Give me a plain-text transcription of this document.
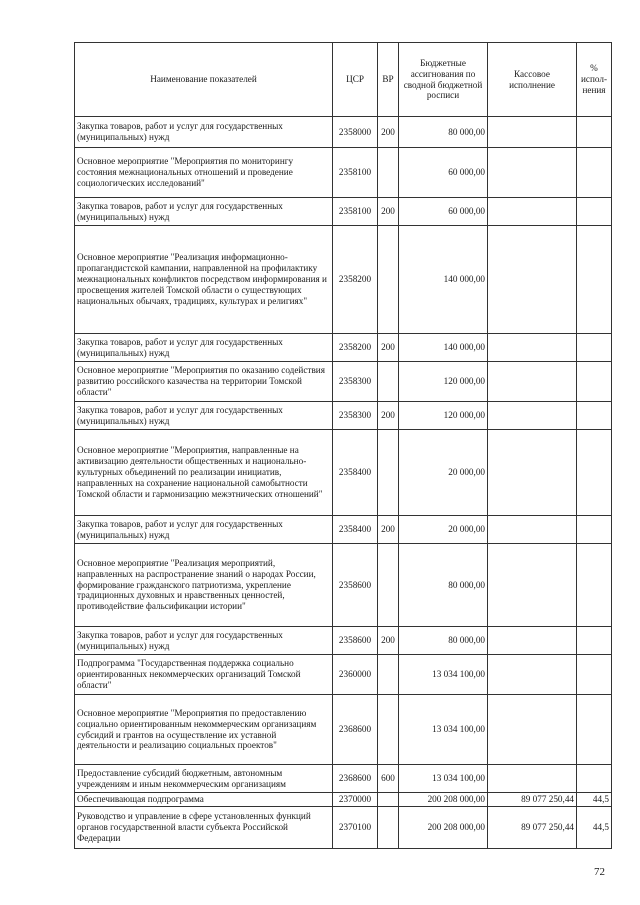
Наименование показателей	ЦСР	ВР	Бюджетные ассигнования по сводной бюджетной росписи	Кассовое исполнение	% испол-нения
Закупка товаров, работ и услуг для государственных (муниципальных) нужд	2358000	200	80 000,00		
Основное мероприятие "Мероприятия по мониторингу состояния межнациональных отношений и проведение социологических исследований"	2358100		60 000,00		
Закупка товаров, работ и услуг для государственных (муниципальных) нужд	2358100	200	60 000,00		
Основное мероприятие "Реализация информационно-пропагандистской кампании, направленной на профилактику межнациональных конфликтов посредством информирования и просвещения жителей Томской области о существующих национальных обычаях, традициях, культурах и религиях"	2358200		140 000,00		
Закупка товаров, работ и услуг для государственных (муниципальных) нужд	2358200	200	140 000,00		
Основное мероприятие "Мероприятия по оказанию содействия развитию российского казачества на территории Томской области"	2358300		120 000,00		
Закупка товаров, работ и услуг для государственных (муниципальных) нужд	2358300	200	120 000,00		
Основное мероприятие "Мероприятия, направленные на активизацию деятельности общественных и национально-культурных объединений по реализации инициатив, направленных на сохранение национальной самобытности Томской области и гармонизацию межэтнических отношений"	2358400		20 000,00		
Закупка товаров, работ и услуг для государственных (муниципальных) нужд	2358400	200	20 000,00		
Основное мероприятие "Реализация мероприятий, направленных на распространение знаний о народах России, формирование гражданского патриотизма, укрепление традиционных духовных и нравственных ценностей, противодействие фальсификации истории"	2358600		80 000,00		
Закупка товаров, работ и услуг для государственных (муниципальных) нужд	2358600	200	80 000,00		
Подпрограмма "Государственная поддержка социально ориентированных некоммерческих организаций Томской области"	2360000		13 034 100,00		
Основное мероприятие "Мероприятия по предоставлению социально ориентированным некоммерческим организациям субсидий и грантов на осуществление их уставной деятельности и реализацию социальных проектов"	2368600		13 034 100,00		
Предоставление субсидий бюджетным, автономным учреждениям и иным некоммерческим организациям	2368600	600	13 034 100,00		
Обеспечивающая подпрограмма	2370000		200 208 000,00	89 077 250,44	44,5
Руководство и управление в сфере установленных функций органов государственной власти субъекта Российской Федерации	2370100		200 208 000,00	89 077 250,44	44,5
72
